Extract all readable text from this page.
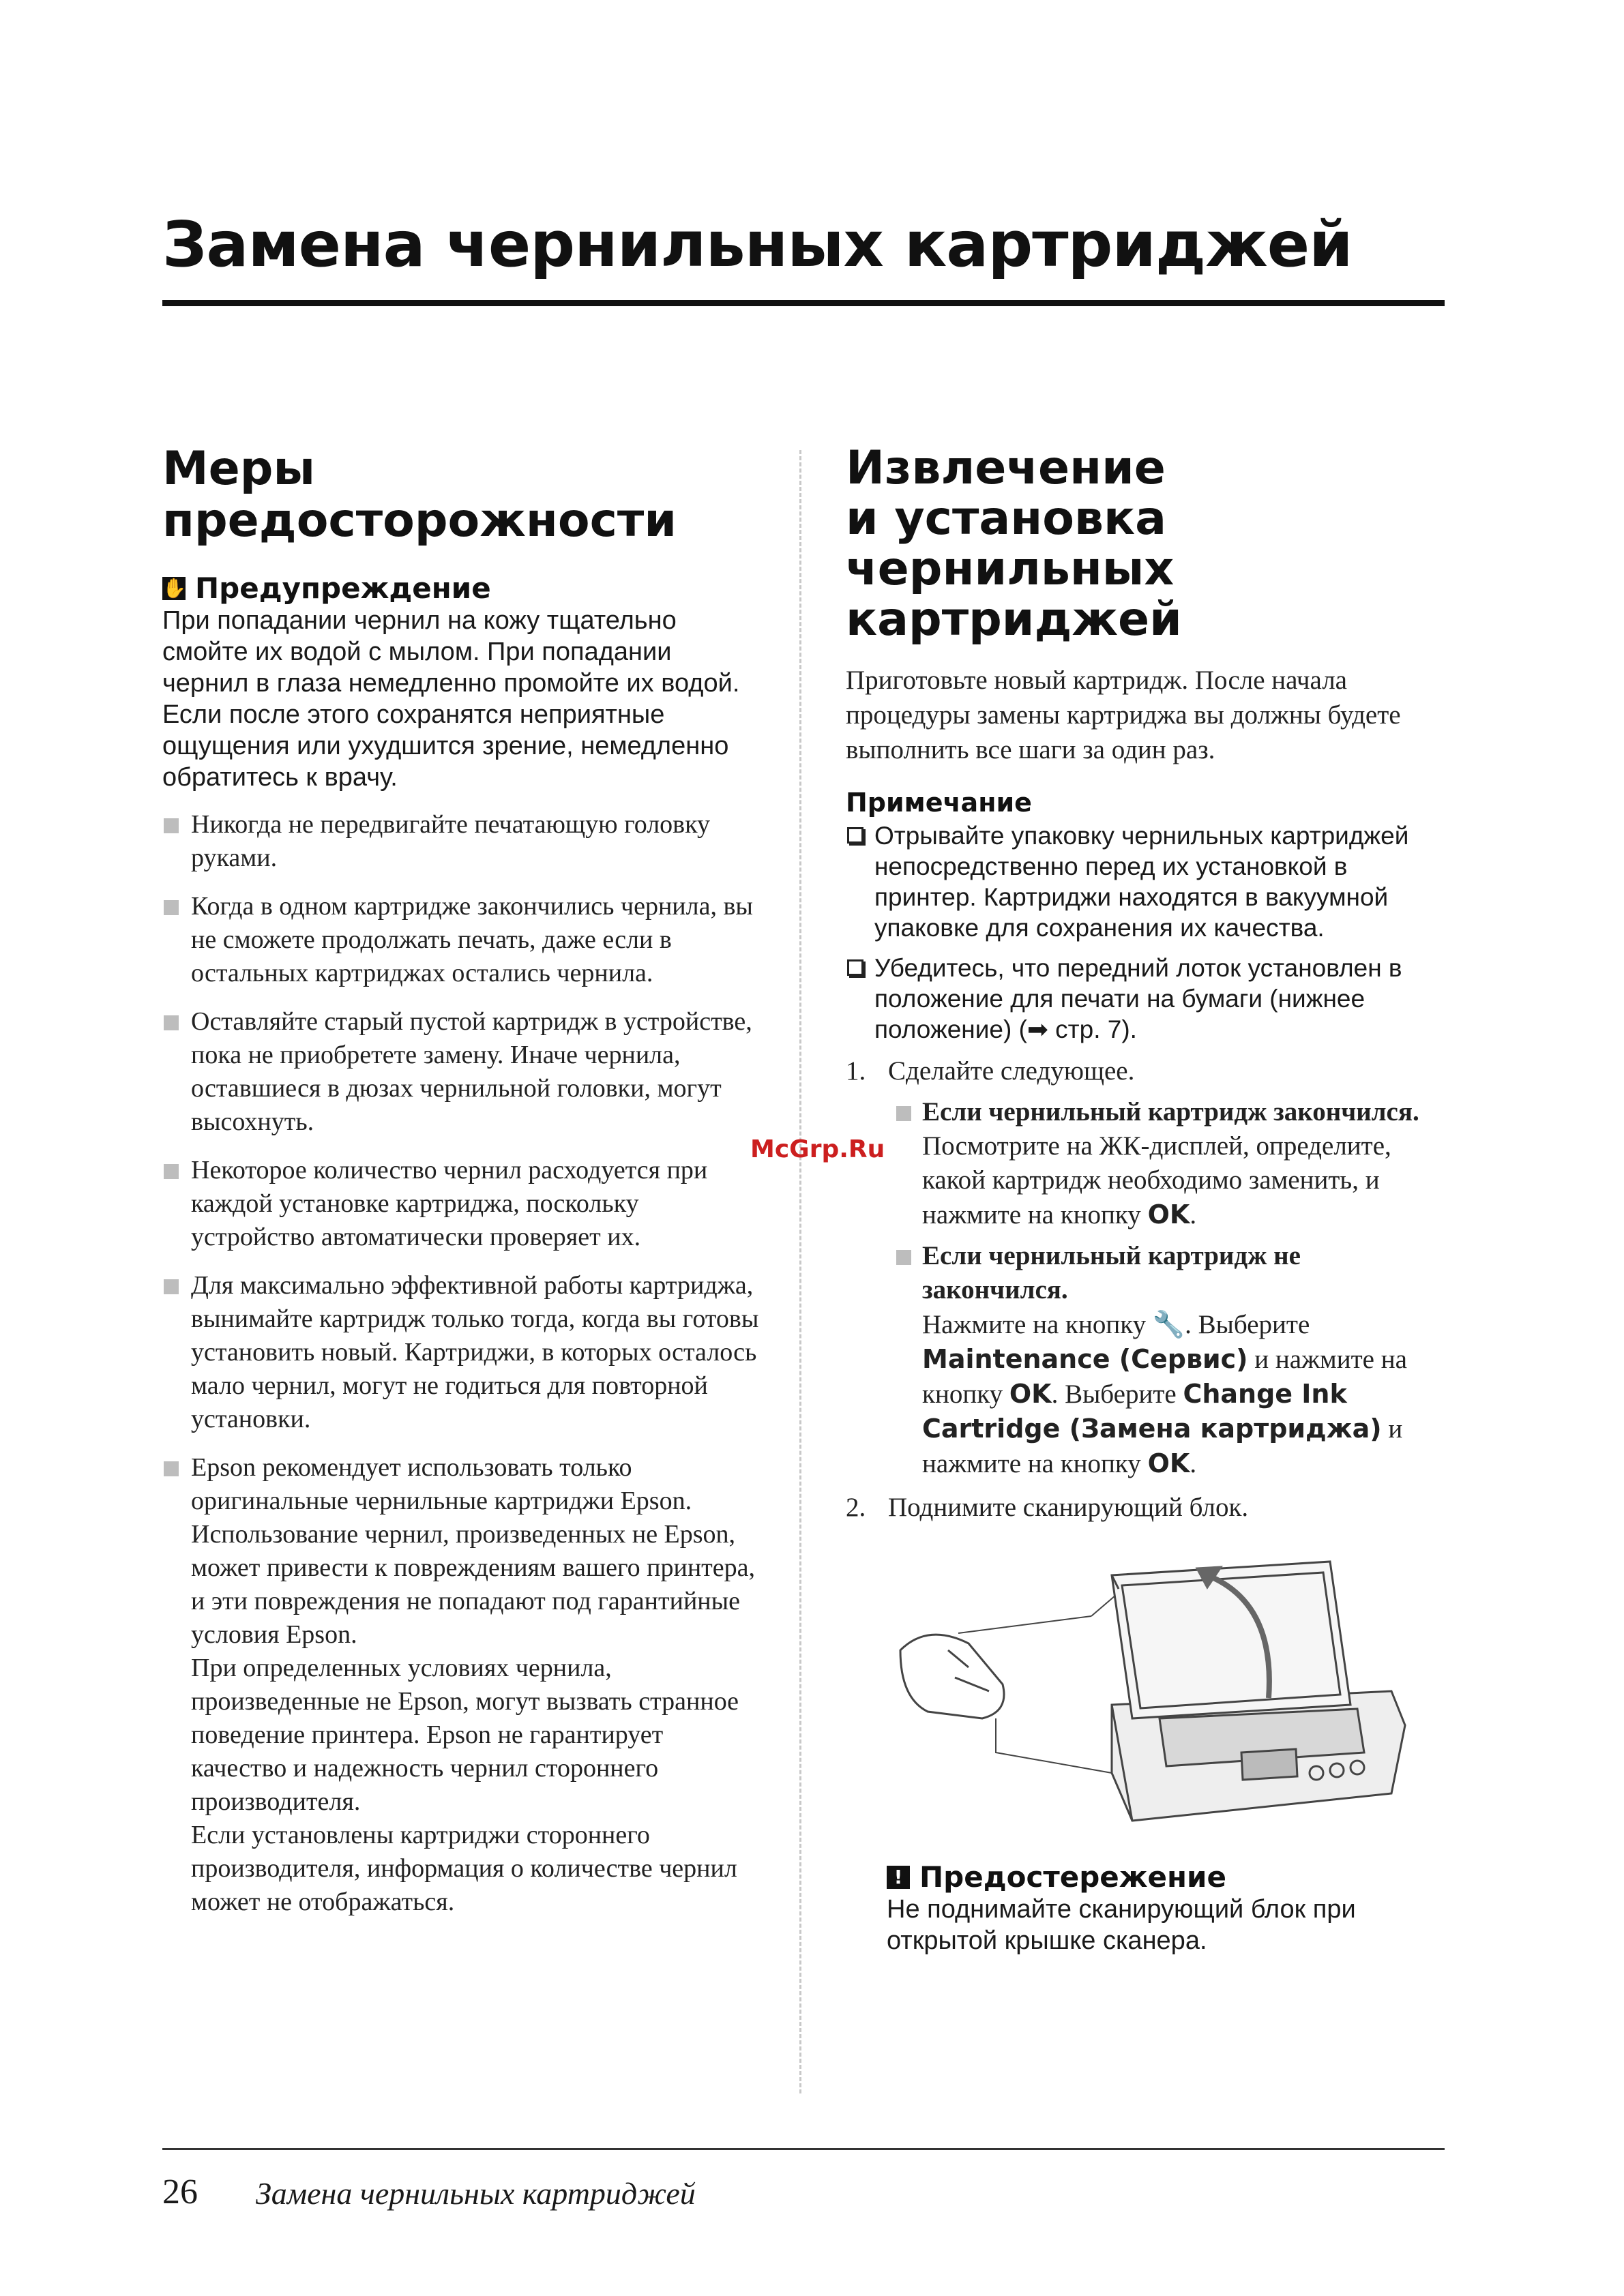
Замена чернильных картриджей
Меры
предосторожности
✋ Предупреждение
При попадании чернил на кожу тщательно смойте их водой с мылом. При попадании чернил в глаза немедленно промойте их водой. Если после этого сохранятся неприятные ощущения или ухудшится зрение, немедленно обратитесь к врачу.
Никогда не передвигайте печатающую головку руками.
Когда в одном картридже закончились чернила, вы не сможете продолжать печать, даже если в остальных картриджах остались чернила.
Оставляйте старый пустой картридж в устройстве, пока не приобретете замену. Иначе чернила, оставшиеся в дюзах чернильной головки, могут высохнуть.
Некоторое количество чернил расходуется при каждой установке картриджа, поскольку устройство автоматически проверяет их.
Для максимально эффективной работы картриджа, вынимайте картридж только тогда, когда вы готовы установить новый. Картриджи, в которых осталось мало чернил, могут не годиться для повторной установки.
Epson рекомендует использовать только оригинальные чернильные картриджи Epson. Использование чернил, произведенных не Epson, может привести к повреждениям вашего принтера, и эти повреждения не попадают под гарантийные условия Epson.
При определенных условиях чернила, произведенные не Epson, могут вызвать странное поведение принтера. Epson не гарантирует качество и надежность чернил стороннего производителя.
Если установлены картриджи стороннего производителя, информация о количестве чернил может не отображаться.
Извлечение
и установка
чернильных
картриджей
Приготовьте новый картридж. После начала процедуры замены картриджа вы должны будете выполнить все шаги за один раз.
Примечание
Отрывайте упаковку чернильных картриджей непосредственно перед их установкой в принтер. Картриджи находятся в вакуумной упаковке для сохранения их качества.
Убедитесь, что передний лоток установлен в положение для печати на бумаги (нижнее положение) (➡ стр. 7).
1. Сделайте следующее.
Если чернильный картридж закончился.
Посмотрите на ЖК-дисплей, определите, какой картридж необходимо заменить, и нажмите на кнопку OK.
Если чернильный картридж не закончился.
Нажмите на кнопку 🔧. Выберите Maintenance (Сервис) и нажмите на кнопку OK. Выберите Change Ink Cartridge (Замена картриджа) и нажмите на кнопку OK.
2. Поднимите сканирующий блок.
! Предостережение
Не поднимайте сканирующий блок при открытой крышке сканера.
McGrp.Ru
26 Замена чернильных картриджей
